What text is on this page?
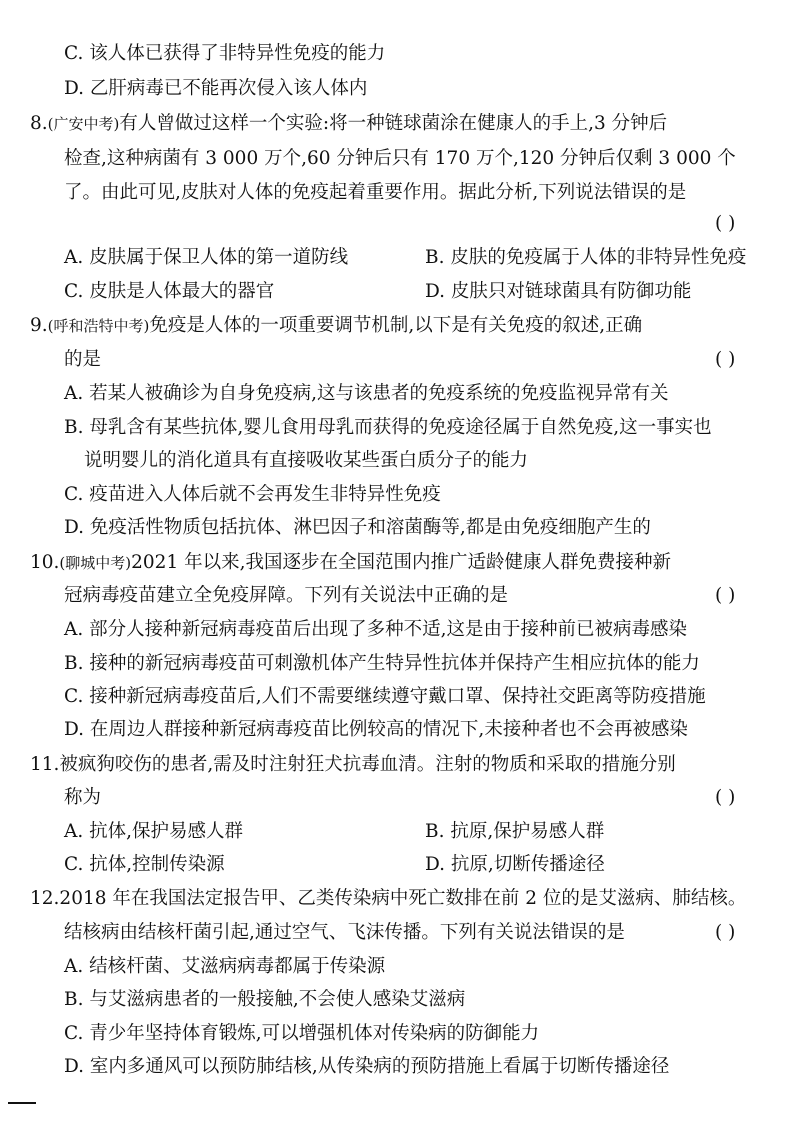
C. 该人体已获得了非特异性免疫的能力
D. 乙肝病毒已不能再次侵入该人体内
8.(广安中考)有人曾做过这样一个实验:将一种链球菌涂在健康人的手上,3 分钟后
检查,这种病菌有 3 000 万个,60 分钟后只有 170 万个,120 分钟后仅剩 3 000 个
了。由此可见,皮肤对人体的免疫起着重要作用。据此分析,下列说法错误的是
( )
A. 皮肤属于保卫人体的第一道防线	B. 皮肤的免疫属于人体的非特异性免疫
C. 皮肤是人体最大的器官	D. 皮肤只对链球菌具有防御功能
9.(呼和浩特中考)免疫是人体的一项重要调节机制,以下是有关免疫的叙述,正确
的是	( )
A. 若某人被确诊为自身免疫病,这与该患者的免疫系统的免疫监视异常有关
B. 母乳含有某些抗体,婴儿食用母乳而获得的免疫途径属于自然免疫,这一事实也
说明婴儿的消化道具有直接吸收某些蛋白质分子的能力
C. 疫苗进入人体后就不会再发生非特异性免疫
D. 免疫活性物质包括抗体、淋巴因子和溶菌酶等,都是由免疫细胞产生的
10.(聊城中考)2021 年以来,我国逐步在全国范围内推广适龄健康人群免费接种新
冠病毒疫苗建立全免疫屏障。下列有关说法中正确的是	( )
A. 部分人接种新冠病毒疫苗后出现了多种不适,这是由于接种前已被病毒感染
B. 接种的新冠病毒疫苗可刺激机体产生特异性抗体并保持产生相应抗体的能力
C. 接种新冠病毒疫苗后,人们不需要继续遵守戴口罩、保持社交距离等防疫措施
D. 在周边人群接种新冠病毒疫苗比例较高的情况下,未接种者也不会再被感染
11.被疯狗咬伤的患者,需及时注射狂犬抗毒血清。注射的物质和采取的措施分别
称为	( )
A. 抗体,保护易感人群	B. 抗原,保护易感人群
C. 抗体,控制传染源	D. 抗原,切断传播途径
12.2018 年在我国法定报告甲、乙类传染病中死亡数排在前 2 位的是艾滋病、肺结核。
结核病由结核杆菌引起,通过空气、飞沫传播。下列有关说法错误的是	( )
A. 结核杆菌、艾滋病病毒都属于传染源
B. 与艾滋病患者的一般接触,不会使人感染艾滋病
C. 青少年坚持体育锻炼,可以增强机体对传染病的防御能力
D. 室内多通风可以预防肺结核,从传染病的预防措施上看属于切断传播途径
